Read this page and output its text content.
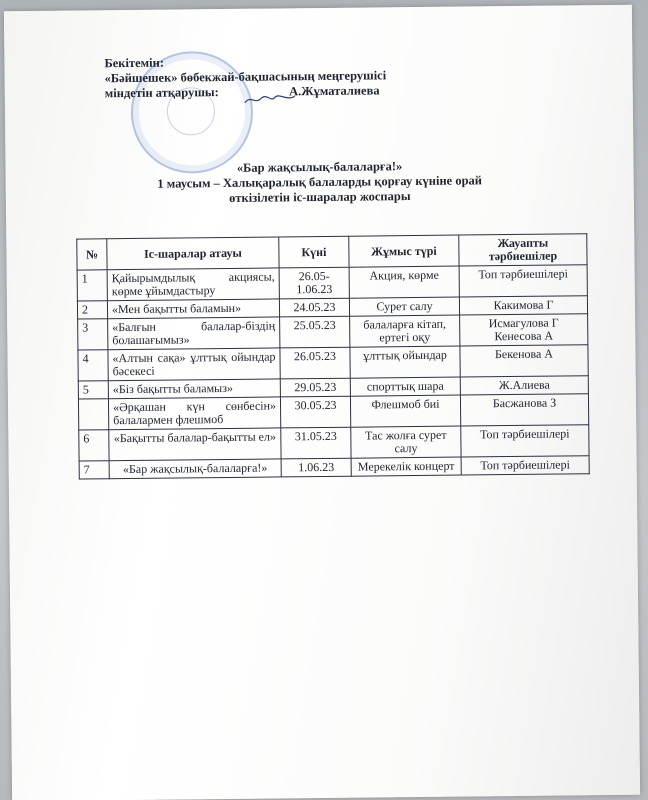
Бекітемін:
«Бәйшешек» бөбекжай-бақшасының меңгерушісі
міндетін атқарушы:	А.Жұматалиева
«Бар жақсылық-балаларға!»
1 маусым – Халықаралық балаларды қорғау күніне орай
өткізілетін іс-шаралар жоспары
№	Іс-шаралар атауы	Күні	Жұмыс түрі	Жауапты тәрбиешілер
1	Қайырымдылық акциясы, көрме ұйымдастыру	26.05-1.06.23	Акция, көрме	Топ тәрбиешілері
2	«Мен бақытты баламын»	24.05.23	Сурет салу	Какимова Г
3	«Балғын балалар-біздің болашағымыз»	25.05.23	балаларға кітап, ертегі оқу	Исмагулова Г Кенесова А
4	«Алтын сақа» ұлттық ойындар бәсекесі	26.05.23	ұлттық ойындар	Бекенова А
5	«Біз бақытты баламыз»	29.05.23	спорттық шара	Ж.Алиева
	«Әрқашан күн сөнбесін» балалармен флешмоб	30.05.23	Флешмоб биі	Басжанова З
6	«Бақытты балалар-бақытты ел»	31.05.23	Тас жолға сурет салу	Топ тәрбиешілері
7	«Бар жақсылық-балаларға!»	1.06.23	Мерекелік концерт	Топ тәрбиешілері
